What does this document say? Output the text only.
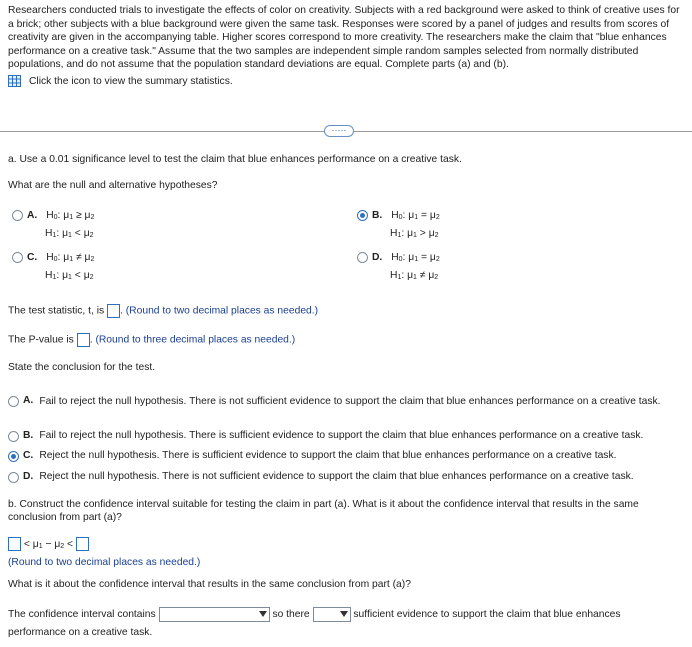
Researchers conducted trials to investigate the effects of color on creativity. Subjects with a red background were asked to think of creative uses for a brick; other subjects with a blue background were given the same task. Responses were scored by a panel of judges and results from scores of creativity are given in the accompanying table. Higher scores correspond to more creativity. The researchers make the claim that "blue enhances performance on a creative task." Assume that the two samples are independent simple random samples selected from normally distributed populations, and do not assume that the population standard deviations are equal. Complete parts (a) and (b).
Click the icon to view the summary statistics.
·····
a. Use a 0.01 significance level to test the claim that blue enhances performance on a creative task.
What are the null and alternative hypotheses?
A. H0: μ1 ≥ μ2
H1: μ1 < μ2
B. H0: μ1 = μ2
H1: μ1 > μ2
C. H0: μ1 ≠ μ2
H1: μ1 < μ2
D. H0: μ1 = μ2
H1: μ1 ≠ μ2
The test statistic, t, is . (Round to two decimal places as needed.)
The P-value is . (Round to three decimal places as needed.)
State the conclusion for the test.
A. Fail to reject the null hypothesis. There is not sufficient evidence to support the claim that blue enhances performance on a creative task.
B. Fail to reject the null hypothesis. There is sufficient evidence to support the claim that blue enhances performance on a creative task.
C. Reject the null hypothesis. There is sufficient evidence to support the claim that blue enhances performance on a creative task.
D. Reject the null hypothesis. There is not sufficient evidence to support the claim that blue enhances performance on a creative task.
b. Construct the confidence interval suitable for testing the claim in part (a). What is it about the confidence interval that results in the same conclusion from part (a)?
< μ1 − μ2 <
(Round to two decimal places as needed.)
What is it about the confidence interval that results in the same conclusion from part (a)?
The confidence interval contains	so there	sufficient evidence to support the claim that blue enhances
performance on a creative task.
